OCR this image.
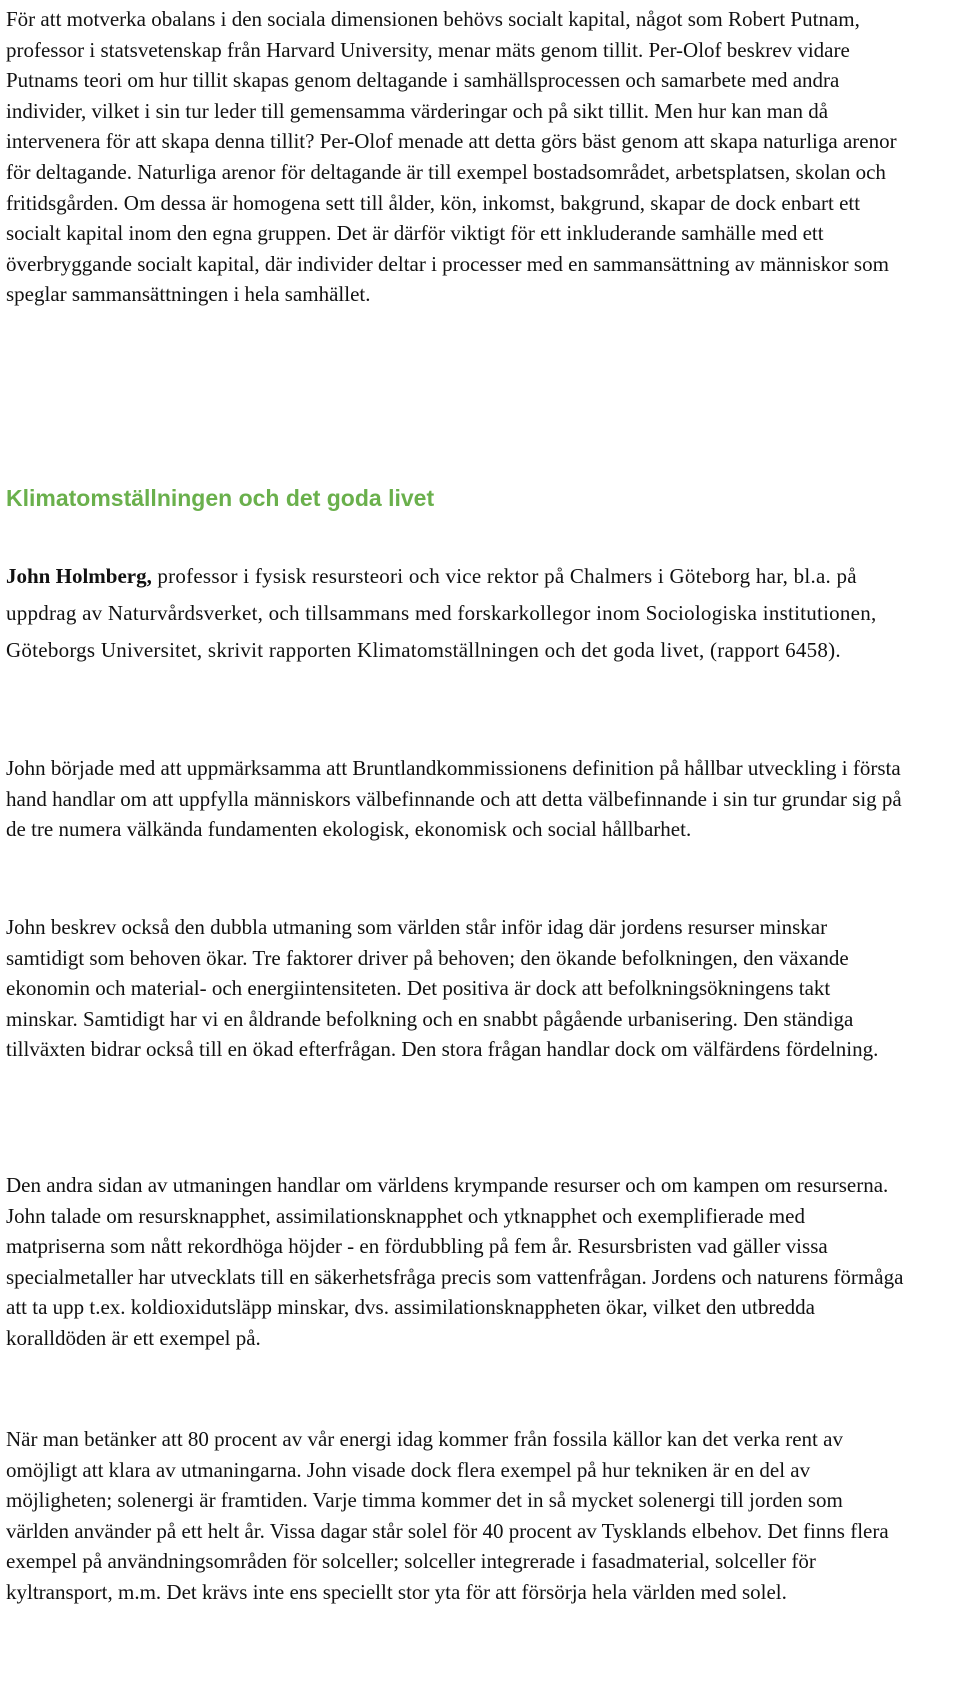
För att motverka obalans i den sociala dimensionen behövs socialt kapital, något som Robert Putnam, professor i statsvetenskap från Harvard University, menar mäts genom tillit. Per-Olof beskrev vidare Putnams teori om hur tillit skapas genom deltagande i samhällsprocessen och samarbete med andra individer, vilket i sin tur leder till gemensamma värderingar och på sikt tillit. Men hur kan man då intervenera för att skapa denna tillit? Per-Olof menade att detta görs bäst genom att skapa naturliga arenor för deltagande. Naturliga arenor för deltagande är till exempel bostadsområdet, arbetsplatsen, skolan och fritidsgården. Om dessa är homogena sett till ålder, kön, inkomst, bakgrund, skapar de dock enbart ett socialt kapital inom den egna gruppen. Det är därför viktigt för ett inkluderande samhälle med ett överbryggande socialt kapital, där individer deltar i processer med en sammansättning av människor som speglar sammansättningen i hela samhället.

Klimatomställningen och det goda livet

John Holmberg, professor i fysisk resursteori och vice rektor på Chalmers i Göteborg har, bl.a. på uppdrag av Naturvårdsverket, och tillsammans med forskarkollegor inom Sociologiska institutionen, Göteborgs Universitet, skrivit rapporten Klimatomställningen och det goda livet, (rapport 6458).

John började med att uppmärksamma att Bruntlandkommissionens definition på hållbar utveckling i första hand handlar om att uppfylla människors välbefinnande och att detta välbefinnande i sin tur grundar sig på de tre numera välkända fundamenten ekologisk, ekonomisk och social hållbarhet.

John beskrev också den dubbla utmaning som världen står inför idag där jordens resurser minskar samtidigt som behoven ökar. Tre faktorer driver på behoven; den ökande befolkningen, den växande ekonomin och material- och energiintensiteten. Det positiva är dock att befolkningsökningens takt minskar. Samtidigt har vi en åldrande befolkning och en snabbt pågående urbanisering. Den ständiga tillväxten bidrar också till en ökad efterfrågan. Den stora frågan handlar dock om välfärdens fördelning.

Den andra sidan av utmaningen handlar om världens krympande resurser och om kampen om resurserna. John talade om resursknapphet, assimilationsknapphet och ytknapphet och exemplifierade med matpriserna som nått rekordhöga höjder - en fördubbling på fem år. Resursbristen vad gäller vissa specialmetaller har utvecklats till en säkerhetsfråga precis som vattenfrågan. Jordens och naturens förmåga att ta upp t.ex. koldioxidutsläpp minskar, dvs. assimilationsknappheten ökar, vilket den utbredda koralldöden är ett exempel på.

När man betänker att 80 procent av vår energi idag kommer från fossila källor kan det verka rent av omöjligt att klara av utmaningarna. John visade dock flera exempel på hur tekniken är en del av möjligheten; solenergi är framtiden. Varje timma kommer det in så mycket solenergi till jorden som världen använder på ett helt år. Vissa dagar står solel för 40 procent av Tysklands elbehov. Det finns flera exempel på användningsområden för solceller; solceller integrerade i fasadmaterial, solceller för kyltransport, m.m. Det krävs inte ens speciellt stor yta för att försörja hela världen med solel.
